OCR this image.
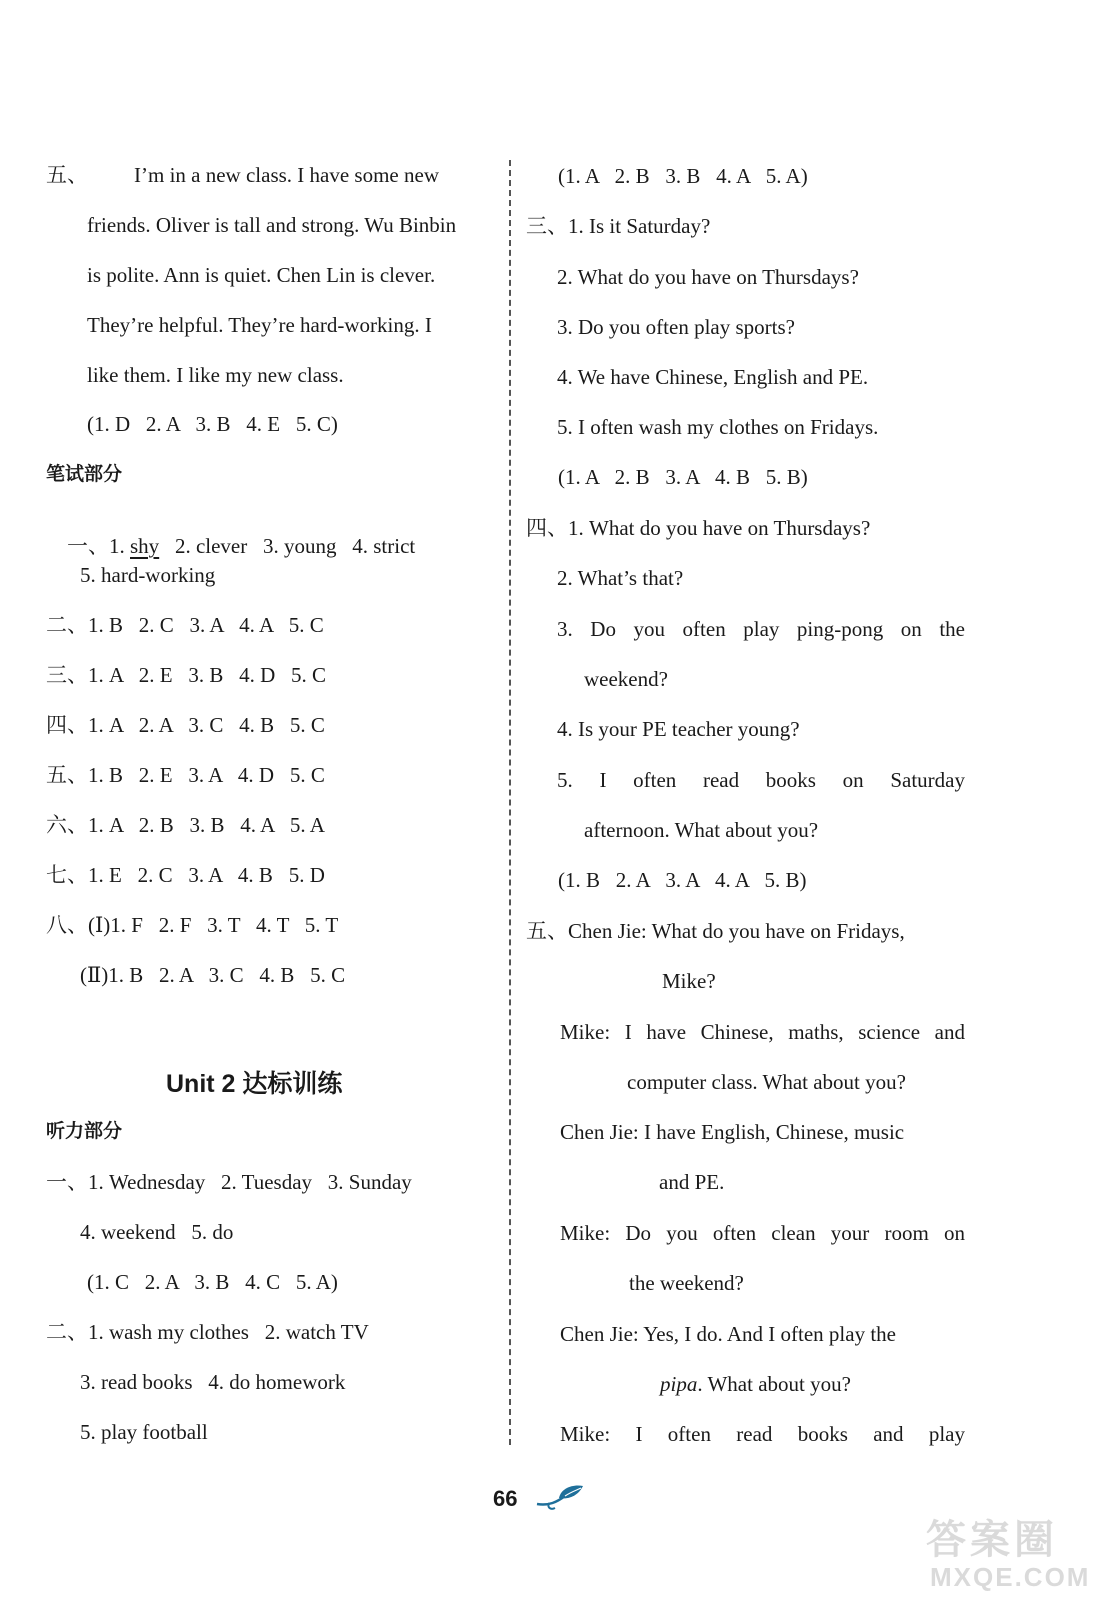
五、 I’m in a new class. I have some new
friends. Oliver is tall and strong. Wu Binbin
is polite. Ann is quiet. Chen Lin is clever.
They’re helpful. They’re hard-working. I
like them. I like my new class.
(1. D   2. A   3. B   4. E   5. C)
笔试部分

一、1. shy   2. clever   3. young   4. strict

5. hard-working
二、1. B   2. C   3. A   4. A   5. C
三、1. A   2. E   3. B   4. D   5. C
四、1. A   2. A   3. C   4. B   5. C
五、1. B   2. E   3. A   4. D   5. C
六、1. A   2. B   3. B   4. A   5. A
七、1. E   2. C   3. A   4. B   5. D
八、(Ⅰ)1. F   2. F   3. T   4. T   5. T
(Ⅱ)1. B   2. A   3. C   4. B   5. C
Unit 2 达标训练
听力部分
一、1. Wednesday   2. Tuesday   3. Sunday
4. weekend   5. do
(1. C   2. A   3. B   4. C   5. A)
二、1. wash my clothes   2. watch TV
3. read books   4. do homework
5. play football
(1. A   2. B   3. B   4. A   5. A)
三、1. Is it Saturday?
2. What do you have on Thursdays?
3. Do you often play sports?
4. We have Chinese, English and PE.
5. I often wash my clothes on Fridays.
(1. A   2. B   3. A   4. B   5. B)
四、1. What do you have on Thursdays?
2. What’s that?
3. Do you often play ping-pong on the
weekend?
4. Is your PE teacher young?
5. I often read books on Saturday
afternoon. What about you?
(1. B   2. A   3. A   4. A   5. B)
五、Chen Jie: What do you have on Fridays,
Mike?
Mike: I have Chinese, maths, science and
computer class. What about you?
Chen Jie: I have English, Chinese, music
and PE.
Mike: Do you often clean your room on
the weekend?
Chen Jie: Yes, I do. And I often play the
pipa. What about you?
Mike: I often read books and play
66
答案圈
MXQE.COM
